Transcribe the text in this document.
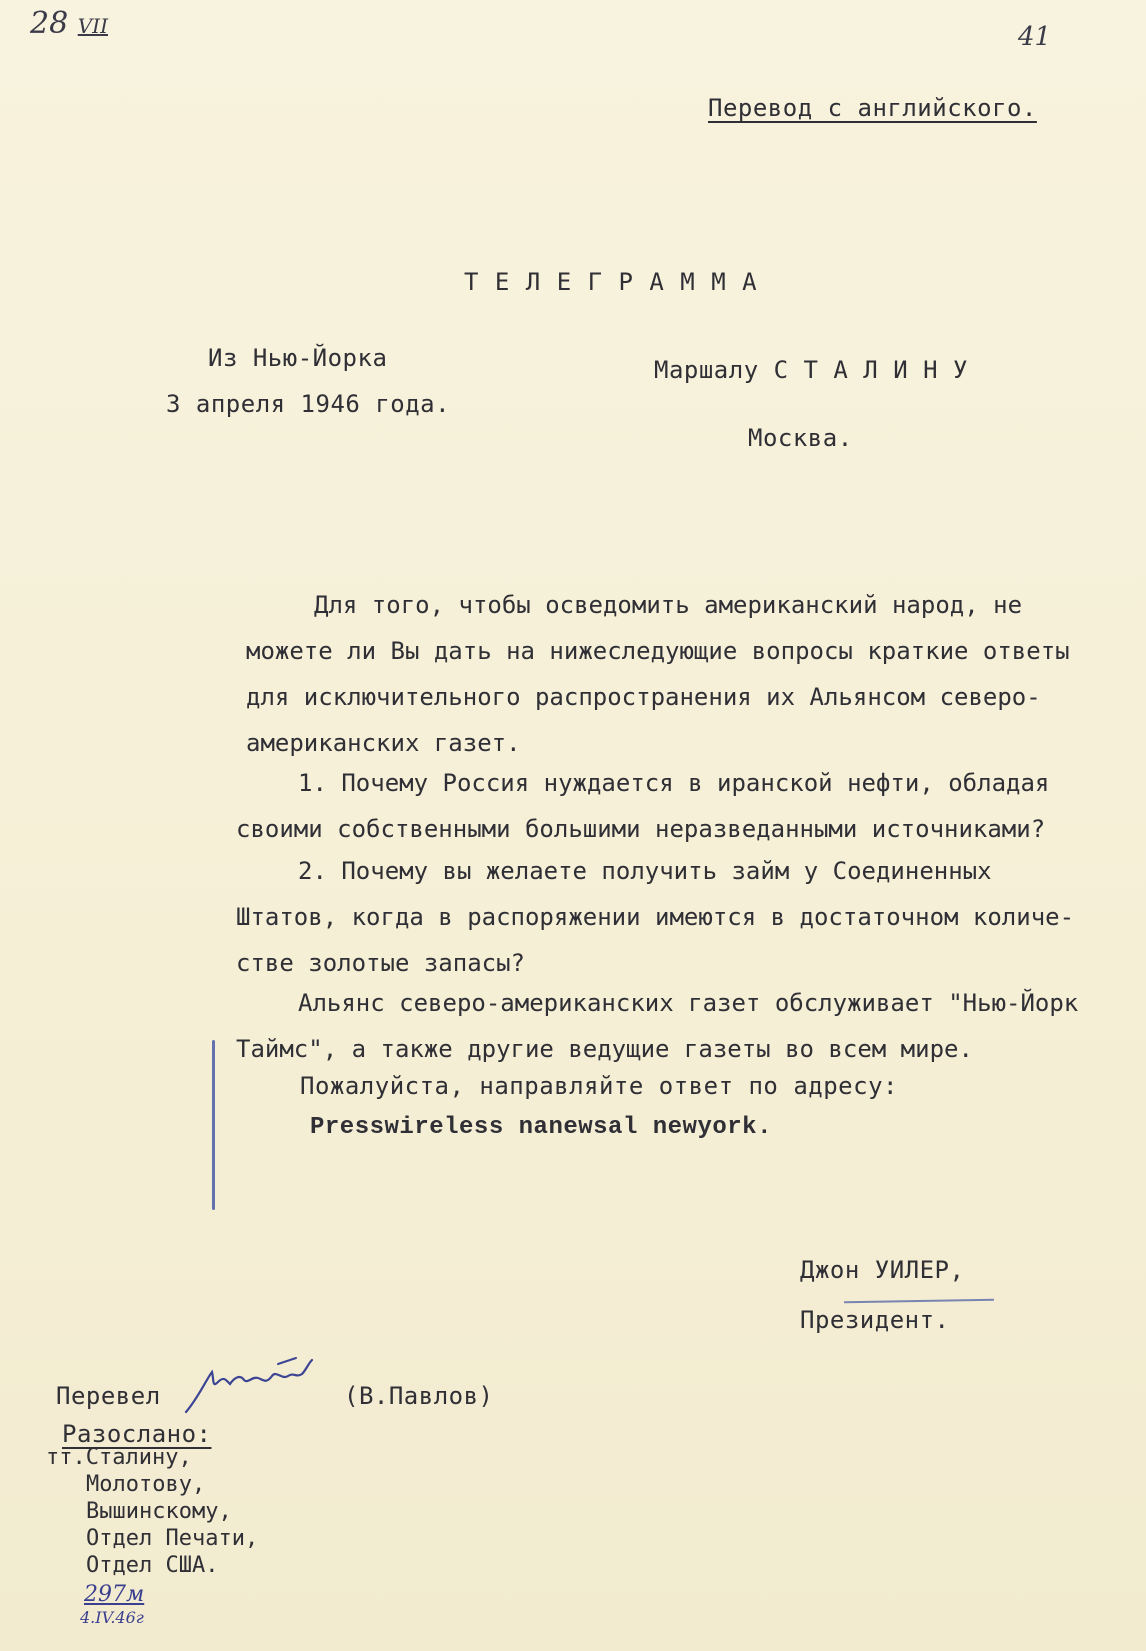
28 VII	41
Перевод с английского.
Т Е Л Е Г Р А М М А
Из Нью-Йорка
3 апреля 1946 года.
Маршалу С Т А Л И Н У
Москва.
Для того, чтобы осведомить американский народ, не
можете ли Вы дать на нижеследующие вопросы краткие ответы
для исключительного распространения их Альянсом северо-
американских газет.
1. Почему Россия нуждается в иранской нефти, обладая
своими собственными большими неразведанными источниками?
2. Почему вы желаете получить займ у Соединенных
Штатов, когда в распоряжении имеются в достаточном количе-
стве золотые запасы?
Альянс северо-американских газет обслуживает "Нью-Йорк
Таймс", а также другие ведущие газеты во всем мире.
Пожалуйста, направляйте ответ по адресу:
Presswireless nanewsal newyork.
Джон УИЛЕР,
Президент.
Перевел	(В.Павлов)
Разослано:
тт.Сталину,
Молотову,
Вышинскому,
Отдел Печати,
Отдел США.
297м
4.IV.46г
